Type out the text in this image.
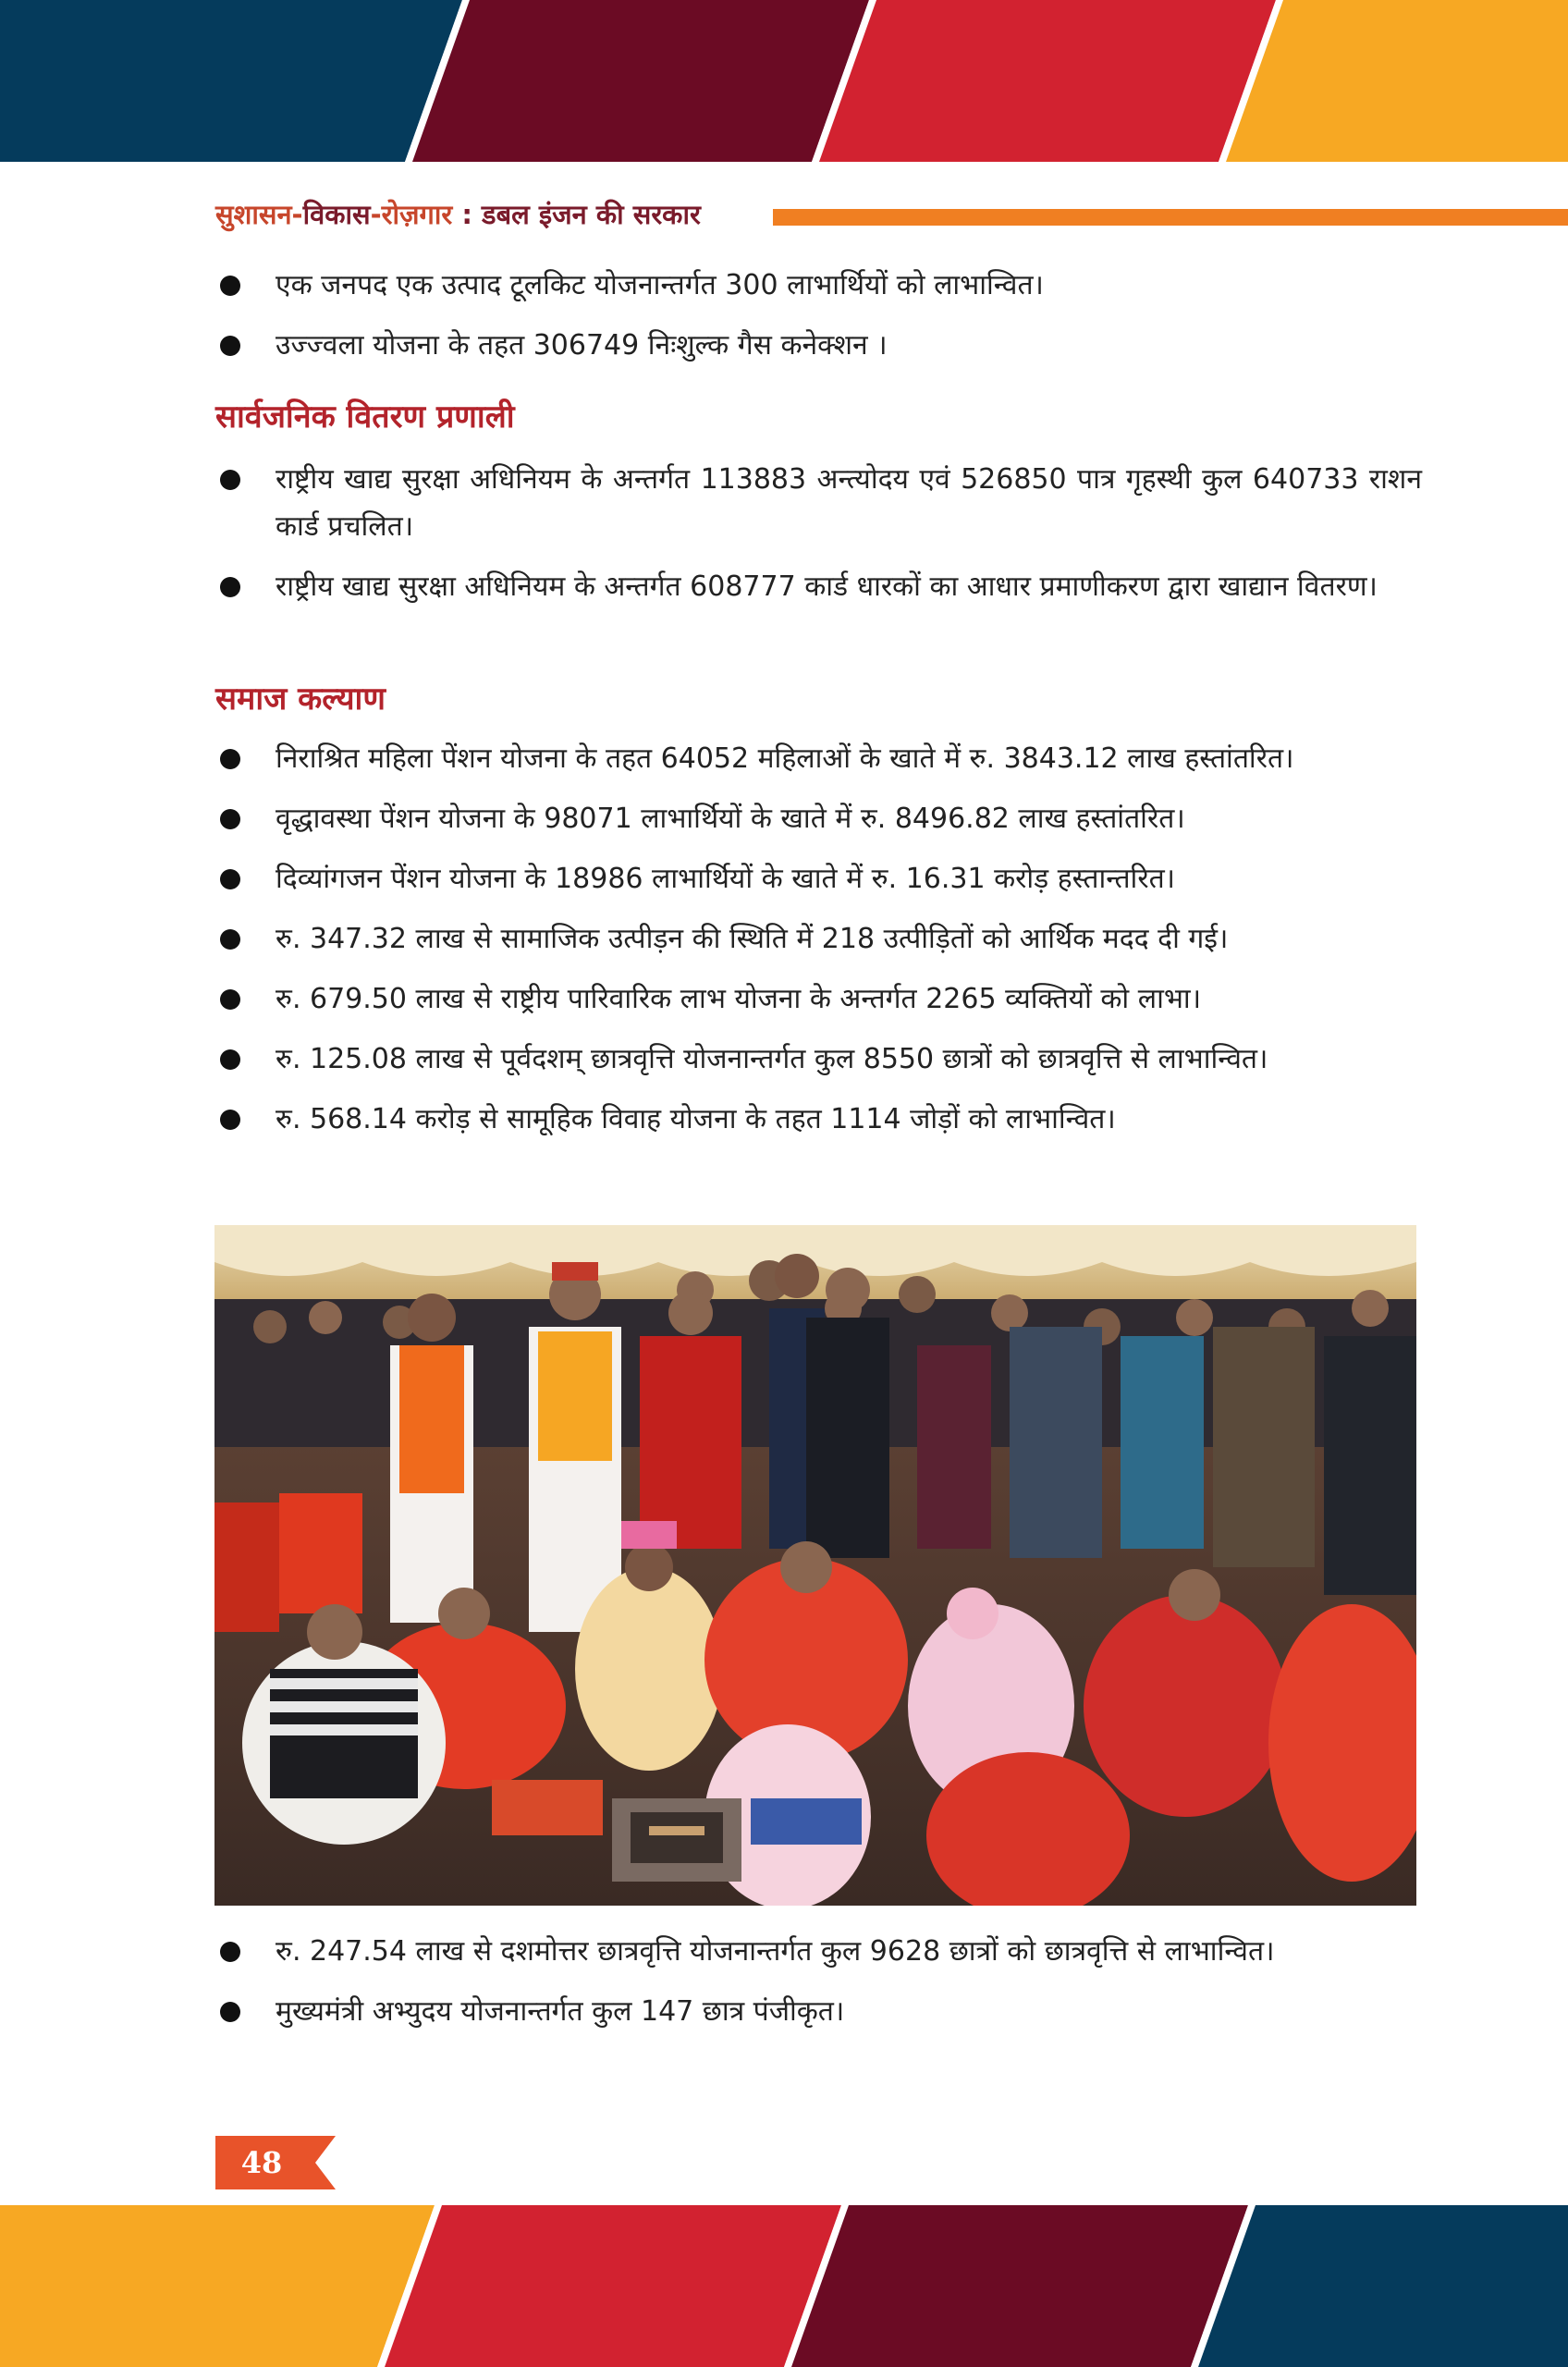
सुशासन-विकास-रोज़गार : डबल इंजन की सरकार
एक जनपद एक उत्पाद टूलकिट योजनान्तर्गत 300 लाभार्थियों को लाभान्वित।
उज्ज्वला योजना के तहत 306749 निःशुल्क गैस कनेक्शन ।
सार्वजनिक वितरण प्रणाली
राष्ट्रीय खाद्य सुरक्षा अधिनियम के अन्तर्गत 113883 अन्त्योदय एवं 526850 पात्र गृहस्थी कुल 640733 राशन कार्ड प्रचलित।
राष्ट्रीय खाद्य सुरक्षा अधिनियम के अन्तर्गत 608777 कार्ड धारकों का आधार प्रमाणीकरण द्वारा खाद्यान वितरण।
समाज कल्याण
निराश्रित महिला पेंशन योजना के तहत 64052 महिलाओं के खाते में रु. 3843.12 लाख हस्तांतरित।
वृद्धावस्था पेंशन योजना के 98071 लाभार्थियों के खाते में रु. 8496.82 लाख हस्तांतरित।
दिव्यांगजन पेंशन योजना के 18986 लाभार्थियों के खाते में रु. 16.31 करोड़ हस्तान्तरित।
रु. 347.32 लाख से सामाजिक उत्पीड़न की स्थिति में 218 उत्पीड़ितों को आर्थिक मदद दी गई।
रु. 679.50 लाख से राष्ट्रीय पारिवारिक लाभ योजना के अन्तर्गत 2265 व्यक्तियों को लाभा।
रु. 125.08 लाख से पूर्वदशम् छात्रवृत्ति योजनान्तर्गत कुल 8550 छात्रों को छात्रवृत्ति से लाभान्वित।
रु. 568.14 करोड़ से सामूहिक विवाह योजना के तहत 1114 जोड़ों को लाभान्वित।
रु. 247.54 लाख से दशमोत्तर छात्रवृत्ति योजनान्तर्गत कुल 9628 छात्रों को छात्रवृत्ति से लाभान्वित।
मुख्यमंत्री अभ्युदय योजनान्तर्गत कुल 147 छात्र पंजीकृत।
48
